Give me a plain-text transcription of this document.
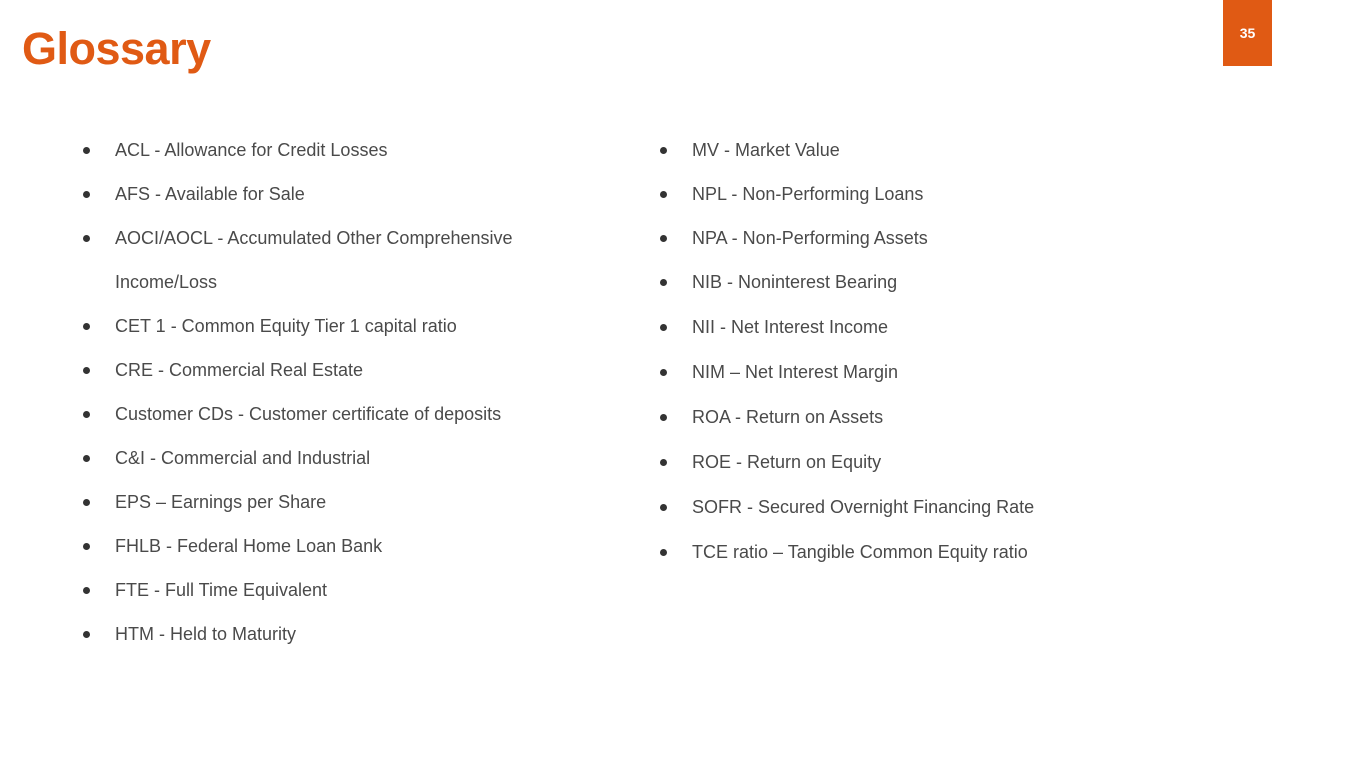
Glossary	35
ACL - Allowance for Credit Losses
AFS - Available for Sale
AOCI/AOCL - Accumulated Other Comprehensive Income/Loss
CET 1 - Common Equity Tier 1 capital ratio
CRE - Commercial Real Estate
Customer CDs - Customer certificate of deposits
C&I - Commercial and Industrial
EPS – Earnings per Share
FHLB - Federal Home Loan Bank
FTE - Full Time Equivalent
HTM - Held to Maturity
MV - Market Value
NPL - Non-Performing Loans
NPA - Non-Performing Assets
NIB - Noninterest Bearing
NII - Net Interest Income
NIM – Net Interest Margin
ROA - Return on Assets
ROE - Return on Equity
SOFR - Secured Overnight Financing Rate
TCE ratio – Tangible Common Equity ratio
